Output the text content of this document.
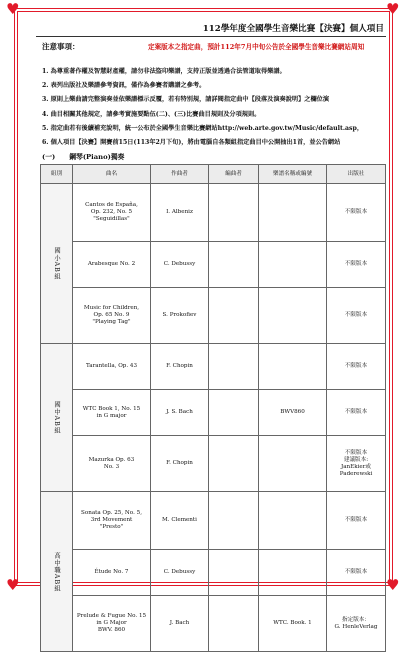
♥	♥
♥	♥
112學年度全國學生音樂比賽【決賽】個人項目
注意事項：	定案版本之指定曲，預計112年7月中旬公告於全國學生音樂比賽網站周知
1. 為尊重著作權及智慧財產權，請勿非法盜印樂譜，支持正版並透過合法管道取得樂譜。
2. 表列出版社及樂譜參考資訊，僅作為參賽者購譜之參考。
3. 原則上樂曲請完整演奏並依樂譜標示反覆，若有特別規，請詳閱指定曲中【段落及演奏說明】之欄位演
4. 曲目相關其他規定，請參考實施要點伍(二)、(三)比賽曲目規則及分項規則。
5. 指定曲若有後續補充說明，統一公布於全國學生音樂比賽網站http://web.arte.gov.tw/Music/default.asp，
6. 個人項目【決賽】開賽前15日(113年2月下旬)，將由電腦自各類組指定曲目中公開抽出1首，並公告網站
(一) 鋼琴(Piano)獨奏
組別	曲名	作曲者	編曲者	樂譜名稱或編號	出版社

國小AB組	Cantos de España,
Op. 232, No. 5 "Seguidillas"	I. Albeniz			不限版本
	Arabesque No. 2	C. Debussy			不限版本
	Music for Children,
Op. 65 No. 9
"Playing Tag"	S. Prokofiev			不限版本

國中AB組	Tarantella, Op. 43	F. Chopin			不限版本
	WTC Book 1, No. 15
in G major	J. S. Bach		BWV860	不限版本
	Mazurka Op. 63
No. 3	F. Chopin			不限版本
建議版本:
JanEkier或
Paderewski

高中職AB組	Sonata Op. 25, No. 5,
3rd Movement
"Presto"	M. Clementi			不限版本
	Étude No. 7	C. Debussy			不限版本
	Prelude & Fugue No. 15
in G Major
BWV. 860	J. Bach		WTC. Book. 1	指定版本：
G. HenleVerlag
